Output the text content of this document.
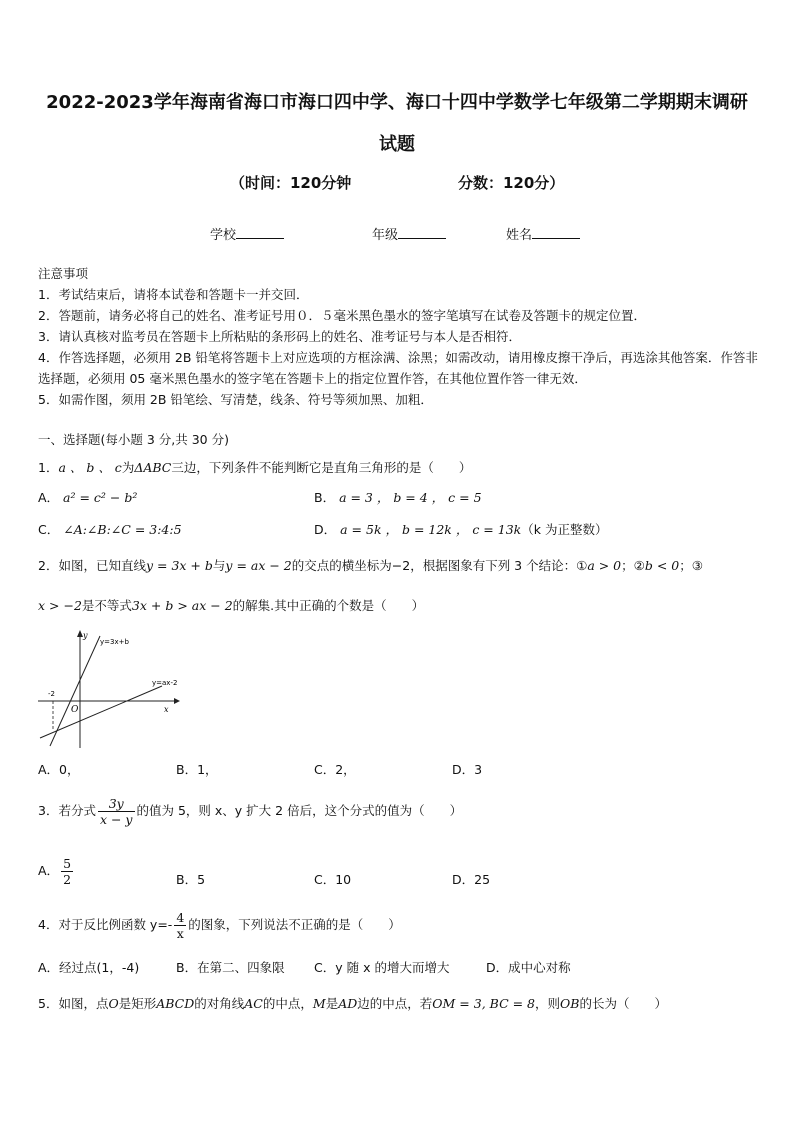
2022-2023学年海南省海口市海口四中学、海口十四中学数学七年级第二学期期末调研
试题
（时间：120分钟	分数：120分）
学校	年级	姓名
注意事项
1．考试结束后，请将本试卷和答题卡一并交回．
2．答题前，请务必将自己的姓名、准考证号用０．５毫米黑色墨水的签字笔填写在试卷及答题卡的规定位置．
3．请认真核对监考员在答题卡上所粘贴的条形码上的姓名、准考证号与本人是否相符．
4．作答选择题，必须用 2B 铅笔将答题卡上对应选项的方框涂满、涂黑；如需改动，请用橡皮擦干净后，再选涂其他答案．作答非选择题，必须用 05 毫米黑色墨水的签字笔在答题卡上的指定位置作答，在其他位置作答一律无效．
5．如需作图，须用 2B 铅笔绘、写清楚，线条、符号等须加黑、加粗．
一、选择题(每小题 3 分,共 30 分)
1．a 、 b 、 c为ΔABC三边，下列条件不能判断它是直角三角形的是（　　）
A． a² = c² − b²	B． a = 3 ， b = 4 ， c = 5
C． ∠A:∠B:∠C = 3:4:5	D． a = 5k ， b = 12k ， c = 13k（k 为正整数）
2．如图，已知直线y = 3x + b与y = ax − 2的交点的横坐标为−2，根据图象有下列 3 个结论：①a > 0；②b < 0；③
x > −2是不等式3x + b > ax − 2的解集.其中正确的个数是（　　）
y=3x+b
y=ax-2
y
x
O
-2
A．0，	B．1，	C．2，	D．3
3．若分式 $\frac{3y}{x - y}$ 的值为 5，则 x、y 扩大 2 倍后，这个分式的值为（　　）
A． $\frac{5}{2}$	B．5	C．10	D．25
4．对于反比例函数 $y=- \frac{4}{x}$ 的图象，下列说法不正确的是（　　）
A．经过点(1，-4)	B．在第二、四象限 C．y 随 x 的增大而增大	D．成中心对称
5．如图，点O是矩形ABCD的对角线AC的中点，M是AD边的中点，若OM = 3, BC = 8，则OB的长为（　　）
